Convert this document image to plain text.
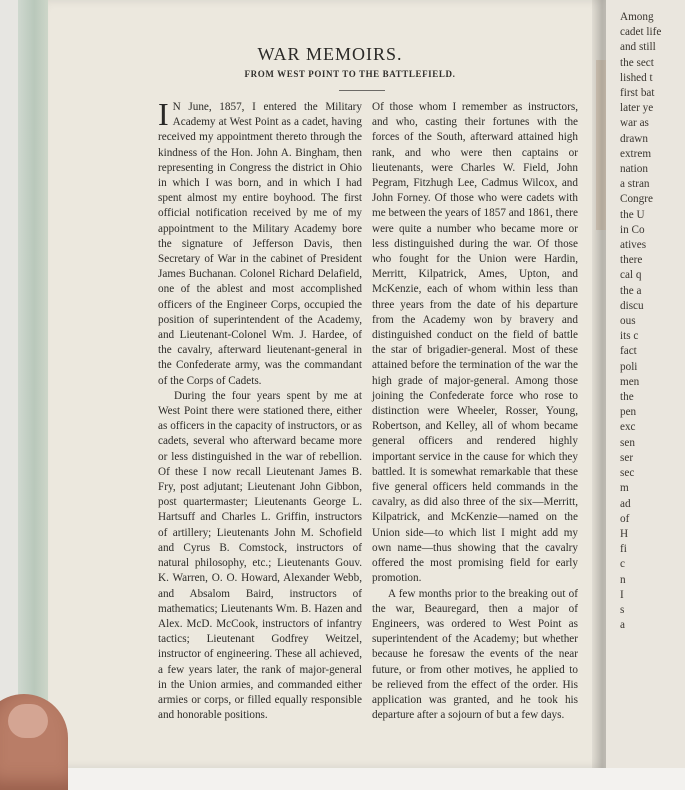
WAR MEMOIRS.
FROM WEST POINT TO THE BATTLEFIELD.

I N June, 1857, I entered the Military Academy at West Point as a cadet, having received my appointment thereto through the kindness of the Hon. John A. Bingham, then representing in Congress the district in Ohio in which I was born, and in which I had spent almost my entire boyhood. The first official notification received by me of my appointment to the Military Academy bore the signature of Jefferson Davis, then Secretary of War in the cabinet of President James Buchanan. Colonel Richard Delafield, one of the ablest and most accomplished officers of the Engineer Corps, occupied the position of superintendent of the Academy, and Lieutenant-Colonel Wm. J. Hardee, of the cavalry, afterward lieutenant-general in the Confederate army, was the commandant of the Corps of Cadets.

During the four years spent by me at West Point there were stationed there, either as officers in the capacity of instructors, or as cadets, several who afterward became more or less distinguished in the war of rebellion. Of these I now recall Lieutenant James B. Fry, post adjutant; Lieutenant John Gibbon, post quartermaster; Lieutenants George L. Hartsuff and Charles L. Griffin, instructors of artillery; Lieutenants John M. Schofield and Cyrus B. Comstock, instructors of natural philosophy, etc.; Lieutenants Gouv. K. Warren, O. O. Howard, Alexander Webb, and Absalom Baird, instructors of mathematics; Lieutenants Wm. B. Hazen and Alex. McD. McCook, instructors of infantry tactics; Lieutenant Godfrey Weitzel, instructor of engineering. These all achieved, a few years later, the rank of major-general in the Union armies, and commanded either armies or corps, or filled equally responsible and honorable positions.

Of those whom I remember as instructors, and who, casting their fortunes with the forces of the South, afterward attained high rank, and who were then captains or lieutenants, were Charles W. Field, John Pegram, Fitzhugh Lee, Cadmus Wilcox, and John Forney. Of those who were cadets with me between the years of 1857 and 1861, there were quite a number who became more or less distinguished during the war. Of those who fought for the Union were Hardin, Merritt, Kilpatrick, Ames, Upton, and McKenzie, each of whom within less than three years from the date of his departure from the Academy won by bravery and distinguished conduct on the field of battle the star of brigadier-general. Most of these attained before the termination of the war the high grade of major-general. Among those joining the Confederate force who rose to distinction were Wheeler, Rosser, Young, Robertson, and Kelley, all of whom became general officers and rendered highly important service in the cause for which they battled. It is somewhat remarkable that these five general officers held commands in the cavalry, as did also three of the six—Merritt, Kilpatrick, and McKenzie—named on the Union side—to which list I might add my own name—thus showing that the cavalry offered the most promising field for early promotion.

A few months prior to the breaking out of the war, Beauregard, then a major of Engineers, was ordered to West Point as superintendent of the Academy; but whether because he foresaw the events of the near future, or from other motives, he applied to be relieved from the effect of the order. His application was granted, and he took his departure after a sojourn of but a few days.

Among
cadet life
and still
the sect
lished t
first bat
later ye
war as
drawn
extrem
nation
a stran
Congre
the U
in Co
atives
there
cal q
the a
discu
ous
its c
fact
poli
men
the
pen
exc
sen
ser
sec
m
ad
of
H
fi
c
n
I
s
a
